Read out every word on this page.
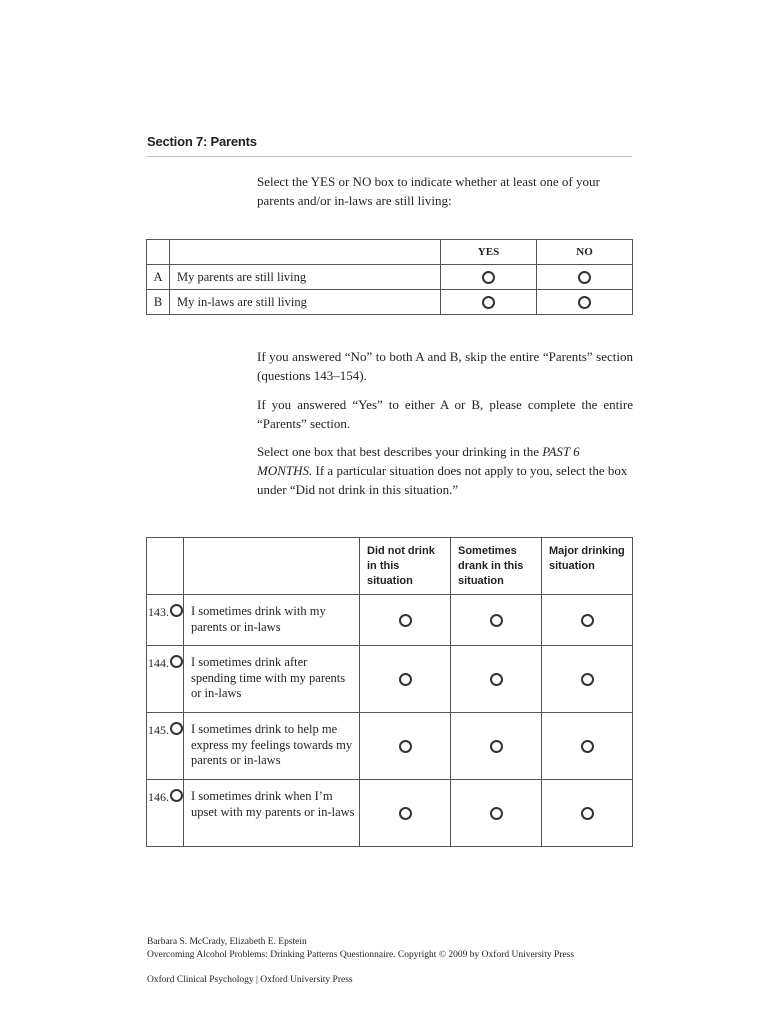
Section 7: Parents
Select the YES or NO box to indicate whether at least one of your parents and/or in-laws are still living:
		YES	NO
A	My parents are still living		
B	My in-laws are still living		
If you answered “No” to both A and B, skip the entire “Parents” section (questions 143–154).
If you answered “Yes” to either A or B, please complete the entire “Parents” section.
Select one box that best describes your drinking in the PAST 6 MONTHS. If a particular situation does not apply to you, select the box under “Did not drink in this situation.”
		Did not drink in this situation	Sometimes drank in this situation	Major drinking situation
143.	I sometimes drink with my parents or in-laws			
144.	I sometimes drink after spending time with my parents or in-laws			
145.	I sometimes drink to help me express my feelings towards my parents or in-laws			
146.	I sometimes drink when I’m upset with my parents or in-laws			
Barbara S. McCrady, Elizabeth E. Epstein
Overcoming Alcohol Problems: Drinking Patterns Questionnaire. Copyright © 2009 by Oxford University Press
Oxford Clinical Psychology | Oxford University Press
